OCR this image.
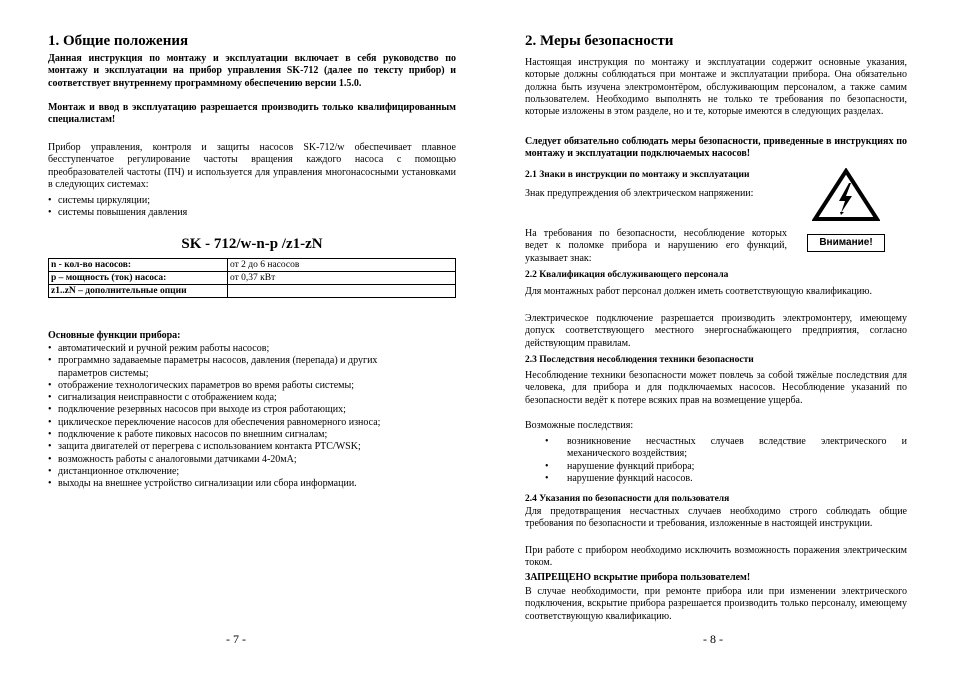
1. Общие положения

Данная инструкция по монтажу и эксплуатации включает в себя руководство по монтажу и эксплуатации на прибор управления SK-712 (далее по тексту прибор) и соответствует внутреннему программному обеспечению версии 1.5.0.

Монтаж и ввод в эксплуатацию разрешается производить только квалифицированным специалистам!

Прибор управления, контроля и защиты насосов SK-712/w обеспечивает плавное бесступенчатое регулирование частоты вращения каждого насоса с помощью преобразователей частоты (ПЧ) и используется для управления многонасосными установками в следующих системах:

• системы циркуляции;
• системы повышения давления
SK - 712/w-n-p /z1-zN
n - кол-во насосов:	от 2 до 6 насосов
p – мощность (ток) насоса:	от 0,37 кВт
z1..zN – дополнительные опции	

Основные функции прибора:

• автоматический и ручной режим работы насосов;
• программно задаваемые параметры насосов, давления (перепада) и других параметров системы;
• отображение технологических параметров во время работы системы;
• сигнализация неисправности с отображением кода;
• подключение резервных насосов при выходе из строя работающих;
• циклическое переключение насосов для обеспечения равномерного износа;
• подключение к работе пиковых насосов по внешним сигналам;
• защита двигателей от перегрева с использованием контакта PTC/WSK;
• возможность работы с аналоговыми датчиками 4-20мА;
• дистанционное отключение;
• выходы на внешнее устройство сигнализации или сбора информации.
- 7 -
2. Меры безопасности

Настоящая инструкция по монтажу и эксплуатации содержит основные указания, которые должны соблюдаться при монтаже и эксплуатации прибора. Она обязательно должна быть изучена электромонтёром, обслуживающим персоналом, а также самим пользователем. Необходимо выполнять не только те требования по безопасности, которые изложены в этом разделе, но и те, которые имеются в следующих разделах.

Следует обязательно соблюдать меры безопасности, приведенные в инструкциях по монтажу и эксплуатации подключаемых насосов!

2.1 Знаки в инструкции по монтажу и эксплуатации

Знак предупреждения об электрическом напряжении:

На требования по безопасности, несоблюдение которых ведет к поломке прибора и нарушению его функций, указывает знак:

Внимание!
2.2 Квалификация обслуживающего персонала

Для монтажных работ персонал должен иметь соответствующую квалификацию.

Электрическое подключение разрешается производить электромонтеру, имеющему допуск соответствующего местного энергоснабжающего предприятия, согласно действующим правилам.

2.3 Последствия несоблюдения техники безопасности

Несоблюдение техники безопасности может повлечь за собой тяжёлые последствия для человека, для прибора и для подключаемых насосов. Несоблюдение указаний по безопасности ведёт к потере всяких прав на возмещение ущерба.

Возможные последствия:

• возникновение несчастных случаев вследствие электрического и механического воздействия;
• нарушение функций прибора;
• нарушение функций насосов.
2.4 Указания по безопасности для пользователя

Для предотвращения несчастных случаев необходимо строго соблюдать общие требования по безопасности и требования, изложенные в настоящей инструкции.

При работе с прибором необходимо исключить возможность поражения электрическим током.

ЗАПРЕЩЕНО вскрытие прибора пользователем!

В случае необходимости, при ремонте прибора или при изменении электрического подключения, вскрытие прибора разрешается производить только персоналу, имеющему соответствующую квалификацию.

- 8 -
